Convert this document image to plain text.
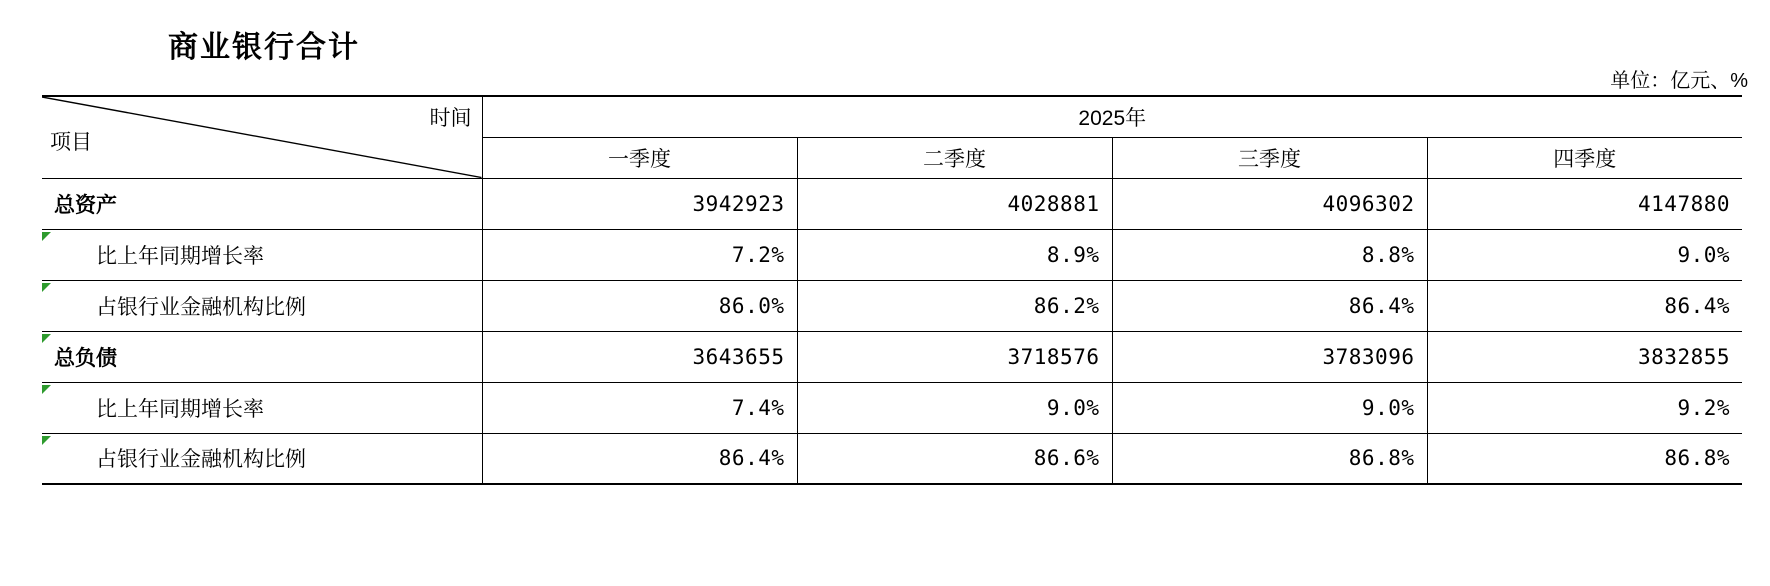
商业银行合计
单位：亿元、%
时间
项目	2025年			
	一季度	二季度	三季度	四季度
总资产	3942923	4028881	4096302	4147880
比上年同期增长率	7.2%	8.9%	8.8%	9.0%
占银行业金融机构比例	86.0%	86.2%	86.4%	86.4%
总负债	3643655	3718576	3783096	3832855
比上年同期增长率	7.4%	9.0%	9.0%	9.2%
占银行业金融机构比例	86.4%	86.6%	86.8%	86.8%
